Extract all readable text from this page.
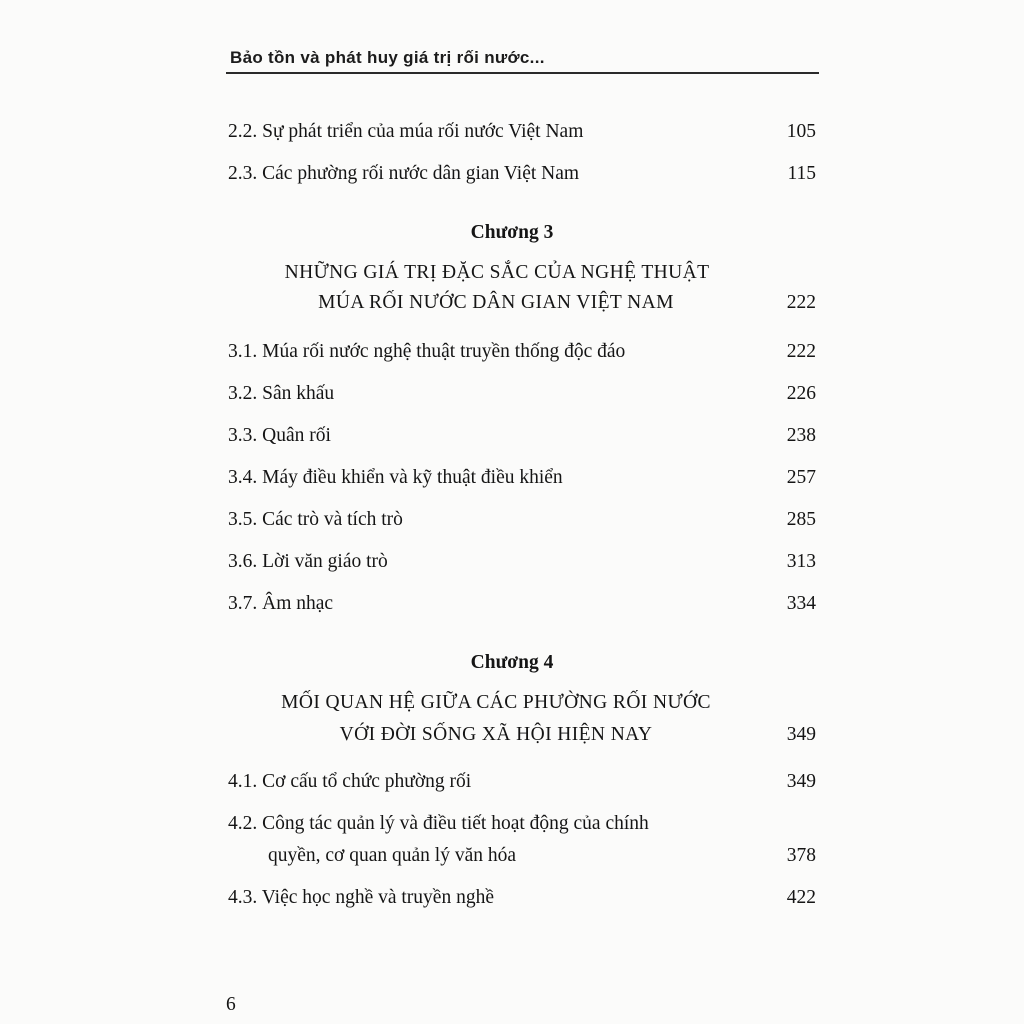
Bảo tồn và phát huy giá trị rối nước...
2.2. Sự phát triển của múa rối nước Việt Nam	105
2.3. Các phường rối nước dân gian Việt Nam	115
Chương 3
NHỮNG GIÁ TRỊ ĐẶC SẮC CỦA NGHỆ THUẬT
MÚA RỐI NƯỚC DÂN GIAN VIỆT NAM	222
3.1. Múa rối nước nghệ thuật truyền thống độc đáo	222
3.2. Sân khấu	226
3.3. Quân rối	238
3.4. Máy điều khiển và kỹ thuật điều khiển	257
3.5. Các trò và tích trò	285
3.6. Lời văn giáo trò	313
3.7. Âm nhạc	334
Chương 4
MỐI QUAN HỆ GIỮA CÁC PHƯỜNG RỐI NƯỚC
VỚI ĐỜI SỐNG XÃ HỘI HIỆN NAY	349
4.1. Cơ cấu tổ chức phường rối	349
4.2. Công tác quản lý và điều tiết hoạt động của chính
quyền, cơ quan quản lý văn hóa	378
4.3. Việc học nghề và truyền nghề	422
6
